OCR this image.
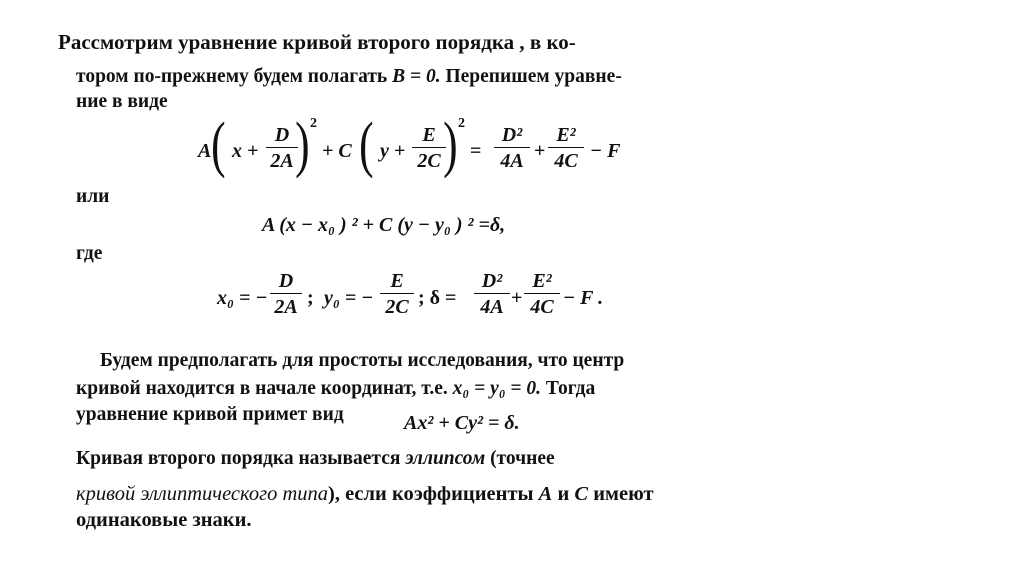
Рассмотрим уравнение кривой второго порядка , в ко-
тором по-прежнему будем полагать B = 0. Перепишем уравне-
ние в виде
A ( x +
D
2A ) 2
+ C ( y +
E
2C ) 2
=
D²
4A +
E²
4C − F
или
A (x − x₀ ) ² + C (y − y₀ ) ² =δ,
где
x₀ = −
D
2A ; y₀ = −
E
2C ; δ =
D²
4A +
E²
4C − F .
Будем предполагать для простоты исследования, что центр
кривой находится в начале координат, т.е. x₀ = y₀ = 0. Тогда
уравнение кривой примет вид	Ax² + Cy² = δ.
Кривая второго порядка называется эллипсом (точнее
кривой эллиптического типа), если коэффициенты A и C имеют
одинаковые знаки.
